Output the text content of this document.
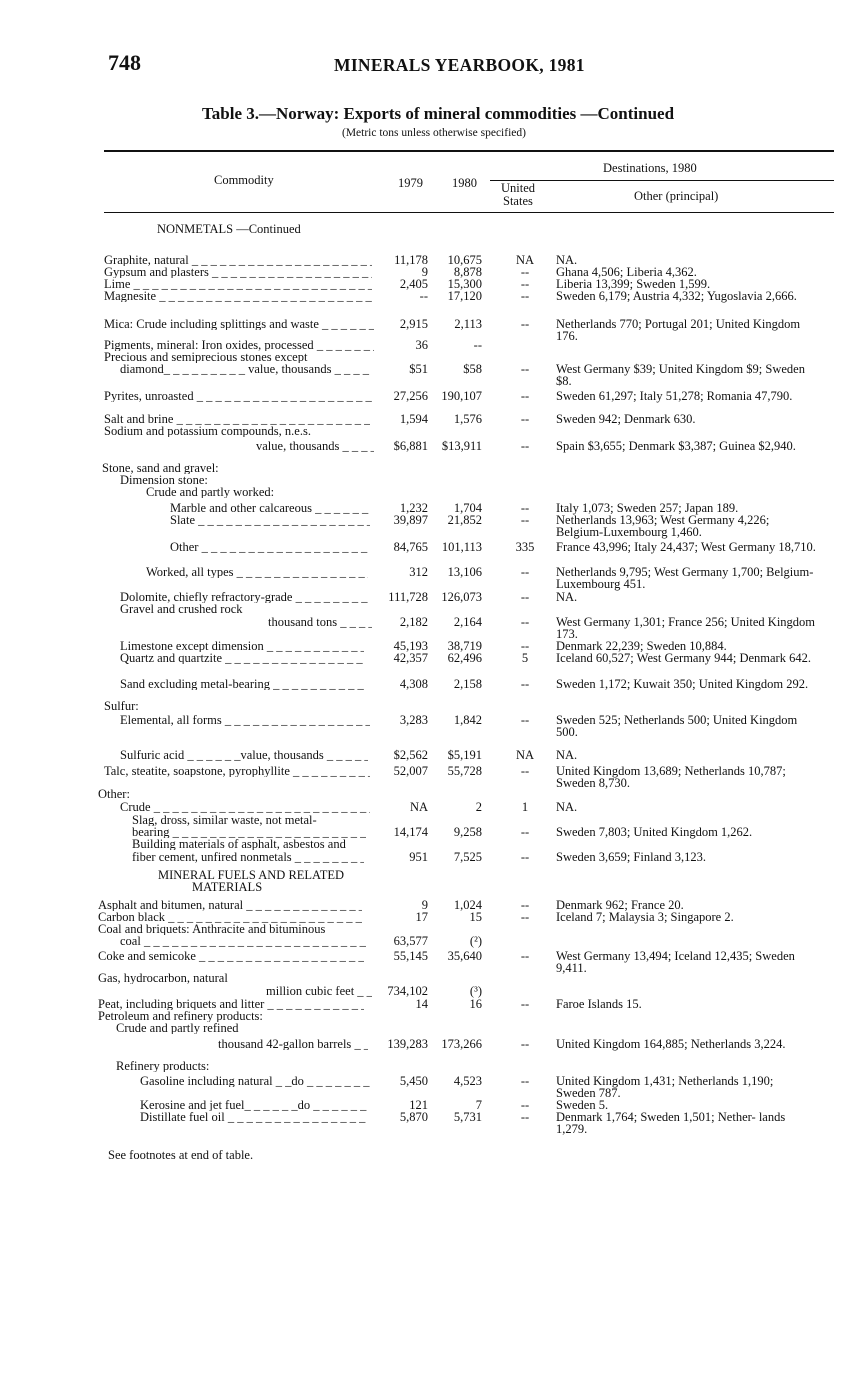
748	MINERALS YEARBOOK, 1981
Table 3.—Norway: Exports of mineral commodities —Continued
(Metric tons unless otherwise specified)
Commodity	1979 1980
Destinations, 1980
United
States	Other (principal)
NONMETALS —Continued
MINERAL FUELS AND RELATED
MATERIALS
Graphite, natural _ _ _	11,178	10,675	NA	NA.
Gypsum and plasters _ _ _	9	8,878	--	Ghana 4,506; Liberia 4,362.
Lime _ _ _	2,405	15,300	--	Liberia 13,399; Sweden 1,599.
Magnesite _ _ _	--	17,120	--	Sweden 6,179; Austria 4,332; Yugoslavia 2,666.
Mica: Crude including splittings and waste _ _ _	2,915	2,113	--	Netherlands 770; Portugal 201; United Kingdom 176.
Pigments, mineral: Iron oxides, processed _ _ _	36	--
Precious and semiprecious stones except
diamond_ _ _ _ _ _ _ _ _ value, thousands _ _ _	$51	$58	--	West Germany $39; United Kingdom $9; Sweden $8.
Pyrites, unroasted _ _ _	27,256	190,107	--	Sweden 61,297; Italy 51,278; Romania 47,790.
Salt and brine _ _ _	1,594	1,576	--	Sweden 942; Denmark 630.
Sodium and potassium compounds, n.e.s.
value, thousands _ _ _	$6,881	$13,911	--	Spain $3,655; Denmark $3,387; Guinea $2,940.
Stone, sand and gravel:
Dimension stone:
Crude and partly worked:
Marble and other calcareous _ _ _	1,232	1,704	--	Italy 1,073; Sweden 257; Japan 189.
Slate _ _ _	39,897	21,852	--	Netherlands 13,963; West Germany 4,226; Belgium-Luxembourg 1,460.
Other _ _ _	84,765	101,113	335	France 43,996; Italy 24,437; West Germany 18,710.
Worked, all types _ _ _	312	13,106	--	Netherlands 9,795; West Germany 1,700; Belgium-Luxembourg 451.
Dolomite, chiefly refractory-grade _ _ _	111,728	126,073	--	NA.
Gravel and crushed rock
thousand tons _ _ _	2,182	2,164	--	West Germany 1,301; France 256; United Kingdom 173.
Limestone except dimension _ _ _	45,193	38,719	--	Denmark 22,239; Sweden 10,884.
Quartz and quartzite _ _ _	42,357	62,496	5	Iceland 60,527; West Germany 944; Denmark 642.
Sand excluding metal-bearing _ _ _	4,308	2,158	--	Sweden 1,172; Kuwait 350; United Kingdom 292.
Sulfur:
Elemental, all forms _ _ _	3,283	1,842	--	Sweden 525; Netherlands 500; United Kingdom 500.
Sulfuric acid _ _ _ _ _ _value, thousands _ _ _	$2,562	$5,191	NA	NA.
Talc, steatite, soapstone, pyrophyllite _ _ _	52,007	55,728	--	United Kingdom 13,689; Netherlands 10,787; Sweden 8,730.
Other:
Crude _ _ _	NA	2	1	NA.
Slag, dross, similar waste, not metal-
bearing _ _ _	14,174	9,258	--	Sweden 7,803; United Kingdom 1,262.
Building materials of asphalt, asbestos and
fiber cement, unfired nonmetals _ _ _	951	7,525	--	Sweden 3,659; Finland 3,123.
Asphalt and bitumen, natural _ _ _	9	1,024	--	Denmark 962; France 20.
Carbon black _ _ _	17	15	--	Iceland 7; Malaysia 3; Singapore 2.
Coal and briquets: Anthracite and bituminous
coal _ _ _	63,577	(²)
Coke and semicoke _ _ _	55,145	35,640	--	West Germany 13,494; Iceland 12,435; Sweden 9,411.
Gas, hydrocarbon, natural
million cubic feet _ _ _	734,102	(³)
Peat, including briquets and litter _ _ _	14	16	--	Faroe Islands 15.
Petroleum and refinery products:
Crude and partly refined
thousand 42-gallon barrels _ _ _	139,283	173,266	--	United Kingdom 164,885; Netherlands 3,224.
Refinery products:
Gasoline including natural _ _do _ _ _	5,450	4,523	--	United Kingdom 1,431; Netherlands 1,190; Sweden 787.
Kerosine and jet fuel_ _ _ _ _ _do _ _ _	121	7	--	Sweden 5.
Distillate fuel oil _ _ _	5,870	5,731	--	Denmark 1,764; Sweden 1,501; Nether- lands 1,279.
See footnotes at end of table.
